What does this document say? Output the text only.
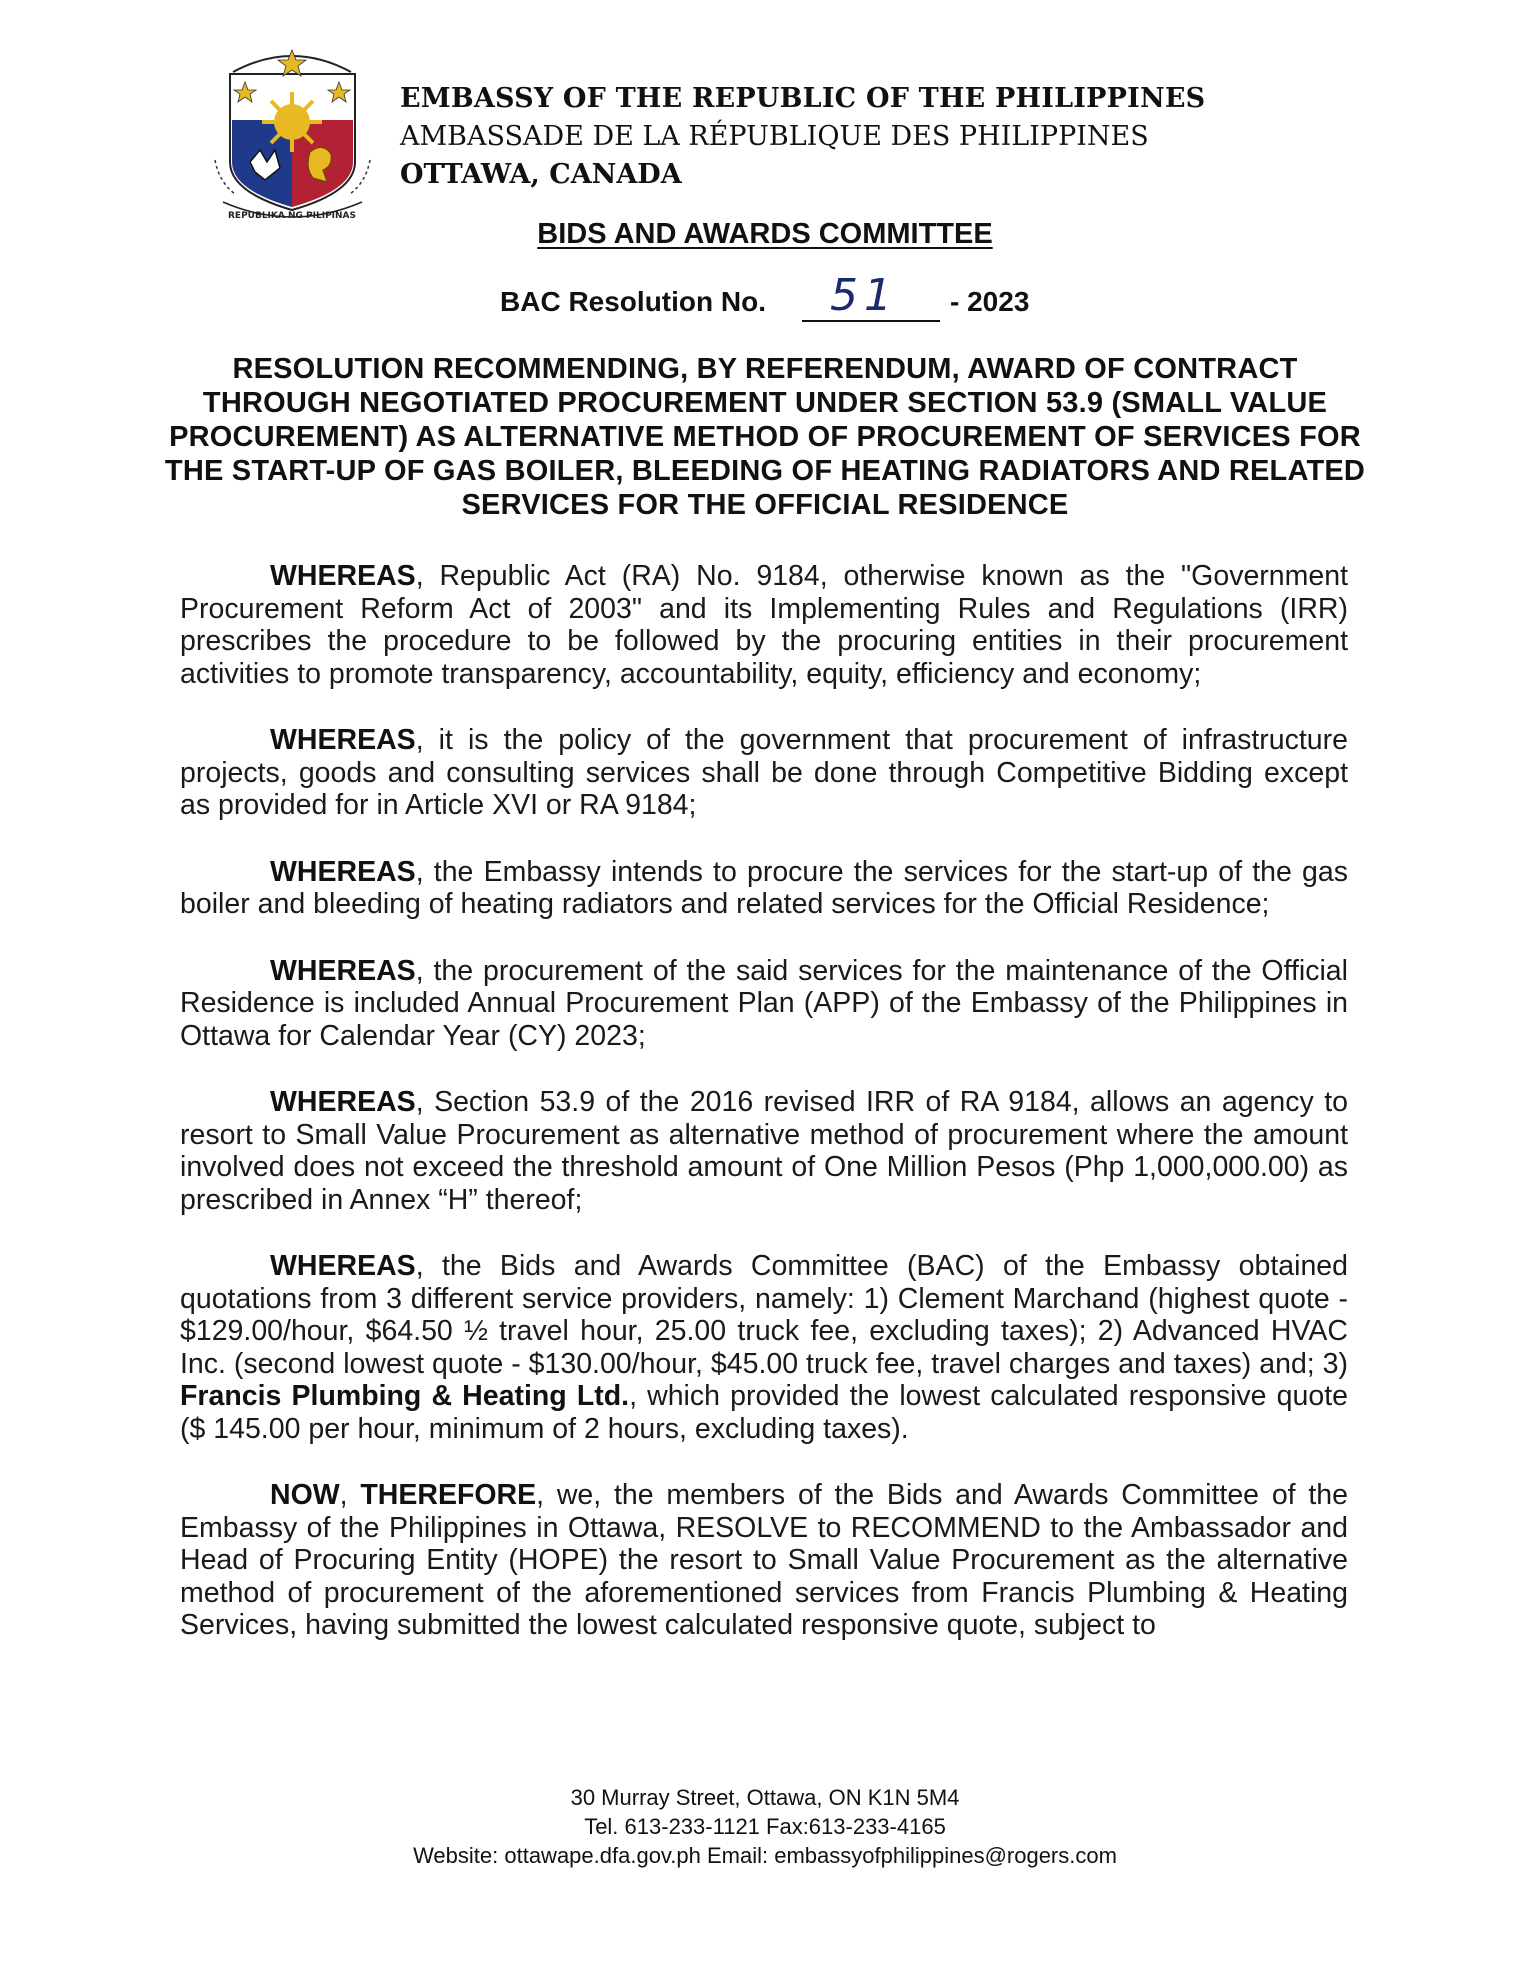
REPUBLIKA NG PILIPINAS
EMBASSY OF THE REPUBLIC OF THE PHILIPPINES
AMBASSADE DE LA RÉPUBLIQUE DES PHILIPPINES
OTTAWA, CANADA
BIDS AND AWARDS COMMITTEE
BAC Resolution No. 51 - 2023
RESOLUTION RECOMMENDING, BY REFERENDUM, AWARD OF CONTRACT THROUGH NEGOTIATED PROCUREMENT UNDER SECTION 53.9 (SMALL VALUE PROCUREMENT) AS ALTERNATIVE METHOD OF PROCUREMENT OF SERVICES FOR THE START-UP OF GAS BOILER, BLEEDING OF HEATING RADIATORS AND RELATED SERVICES FOR THE OFFICIAL RESIDENCE

WHEREAS, Republic Act (RA) No. 9184, otherwise known as the "Government Procurement Reform Act of 2003" and its Implementing Rules and Regulations (IRR) prescribes the procedure to be followed by the procuring entities in their procurement activities to promote transparency, accountability, equity, efficiency and economy;

WHEREAS, it is the policy of the government that procurement of infrastructure projects, goods and consulting services shall be done through Competitive Bidding except as provided for in Article XVI or RA 9184;

WHEREAS, the Embassy intends to procure the services for the start-up of the gas boiler and bleeding of heating radiators and related services for the Official Residence;

WHEREAS, the procurement of the said services for the maintenance of the Official Residence is included Annual Procurement Plan (APP) of the Embassy of the Philippines in Ottawa for Calendar Year (CY) 2023;

WHEREAS, Section 53.9 of the 2016 revised IRR of RA 9184, allows an agency to resort to Small Value Procurement as alternative method of procurement where the amount involved does not exceed the threshold amount of One Million Pesos (Php 1,000,000.00) as prescribed in Annex “H” thereof;

WHEREAS, the Bids and Awards Committee (BAC) of the Embassy obtained quotations from 3 different service providers, namely: 1) Clement Marchand (highest quote - $129.00/hour, $64.50 ½ travel hour, 25.00 truck fee, excluding taxes); 2) Advanced HVAC Inc. (second lowest quote - $130.00/hour, $45.00 truck fee, travel charges and taxes) and; 3) Francis Plumbing & Heating Ltd., which provided the lowest calculated responsive quote ($ 145.00 per hour, minimum of 2 hours, excluding taxes).

NOW, THEREFORE, we, the members of the Bids and Awards Committee of the Embassy of the Philippines in Ottawa, RESOLVE to RECOMMEND to the Ambassador and Head of Procuring Entity (HOPE) the resort to Small Value Procurement as the alternative method of procurement of the aforementioned services from Francis Plumbing & Heating Services, having submitted the lowest calculated responsive quote, subject to

30 Murray Street, Ottawa, ON K1N 5M4
Tel. 613-233-1121 Fax:613-233-4165
Website: ottawape.dfa.gov.ph Email: embassyofphilippines@rogers.com
